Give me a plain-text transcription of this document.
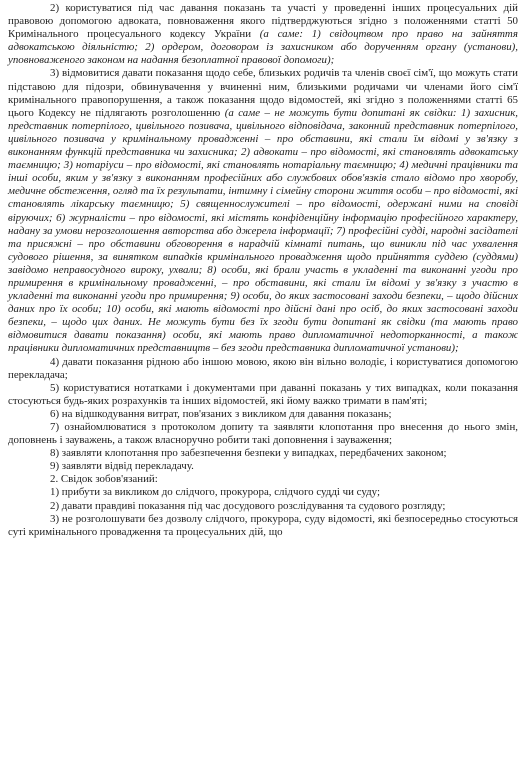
2) користуватися під час давання показань та участі у проведенні інших процесуальних дій правовою допомогою адвоката, повноваження якого підтверджуються згідно з положеннями статті 50 Кримінального процесуального кодексу України (а саме: 1) свідоцтвом про право на зайняття адвокатською діяльністю; 2) ордером, договором із захисником або дорученням органу (установи), уповноваженого законом на надання безоплатної правової допомоги);

3) відмовитися давати показання щодо себе, близьких родичів та членів своєї сім'ї, що можуть стати підставою для підозри, обвинувачення у вчиненні ним, близькими родичами чи членами його сім'ї кримінального правопорушення, а також показання щодо відомостей, які згідно з положеннями статті 65 цього Кодексу не підлягають розголошенню (а саме – не можуть бути допитані як свідки: 1) захисник, представник потерпілого, цивільного позивача, цивільного відповідача, законний представник потерпілого, цивільного позивача у кримінальному провадженні – про обставини, які стали їм відомі у зв'язку з виконанням функцій представника чи захисника; 2) адвокати – про відомості, які становлять адвокатську таємницю; 3) нотаріуси – про відомості, які становлять нотаріальну таємницю; 4) медичні працівники та інші особи, яким у зв'язку з виконанням професійних або службових обов'язків стало відомо про хворобу, медичне обстеження, огляд та їх результати, інтимну і сімейну сторони життя особи – про відомості, які становлять лікарську таємницю; 5) священнослужителі – про відомості, одержані ними на сповіді віруючих; 6) журналісти – про відомості, які містять конфіденційну інформацію професійного характеру, надану за умови нерозголошення авторства або джерела інформації; 7) професійні судді, народні засідателі та присяжні – про обставини обговорення в нарадчій кімнаті питань, що виникли під час ухвалення судового рішення, за винятком випадків кримінального провадження щодо прийняття суддею (суддями) завідомо неправосудного вироку, ухвали; 8) особи, які брали участь в укладенні та виконанні угоди про примирення в кримінальному провадженні, – про обставини, які стали їм відомі у зв'язку з участю в укладенні та виконанні угоди про примирення; 9) особи, до яких застосовані заходи безпеки, – щодо дійсних даних про їх особи; 10) особи, які мають відомості про дійсні дані про осіб, до яких застосовані заходи безпеки, – щодо цих даних. Не можуть бути без їх згоди бути допитані як свідки (та мають право відмовитися давати показання) особи, які мають право дипломатичної недоторканності, а також працівники дипломатичних представництв – без згоди представника дипломатичної установи);

4) давати показання рідною або іншою мовою, якою він вільно володіє, і користуватися допомогою перекладача;

5) користуватися нотатками і документами при даванні показань у тих випадках, коли показання стосуються будь-яких розрахунків та інших відомостей, які йому важко тримати в пам'яті;

6) на відшкодування витрат, пов'язаних з викликом для давання показань;

7) ознайомлюватися з протоколом допиту та заявляти клопотання про внесення до нього змін, доповнень і зауважень, а також власноручно робити такі доповнення і зауваження;

8) заявляти клопотання про забезпечення безпеки у випадках, передбачених законом;

9) заявляти відвід перекладачу.

2. Свідок зобов'язаний:

1) прибути за викликом до слідчого, прокурора, слідчого судді чи суду;

2) давати правдиві показання під час досудового розслідування та судового розгляду;

3) не розголошувати без дозволу слідчого, прокурора, суду відомості, які безпосередньо стосуються суті кримінального провадження та процесуальних дій, що
